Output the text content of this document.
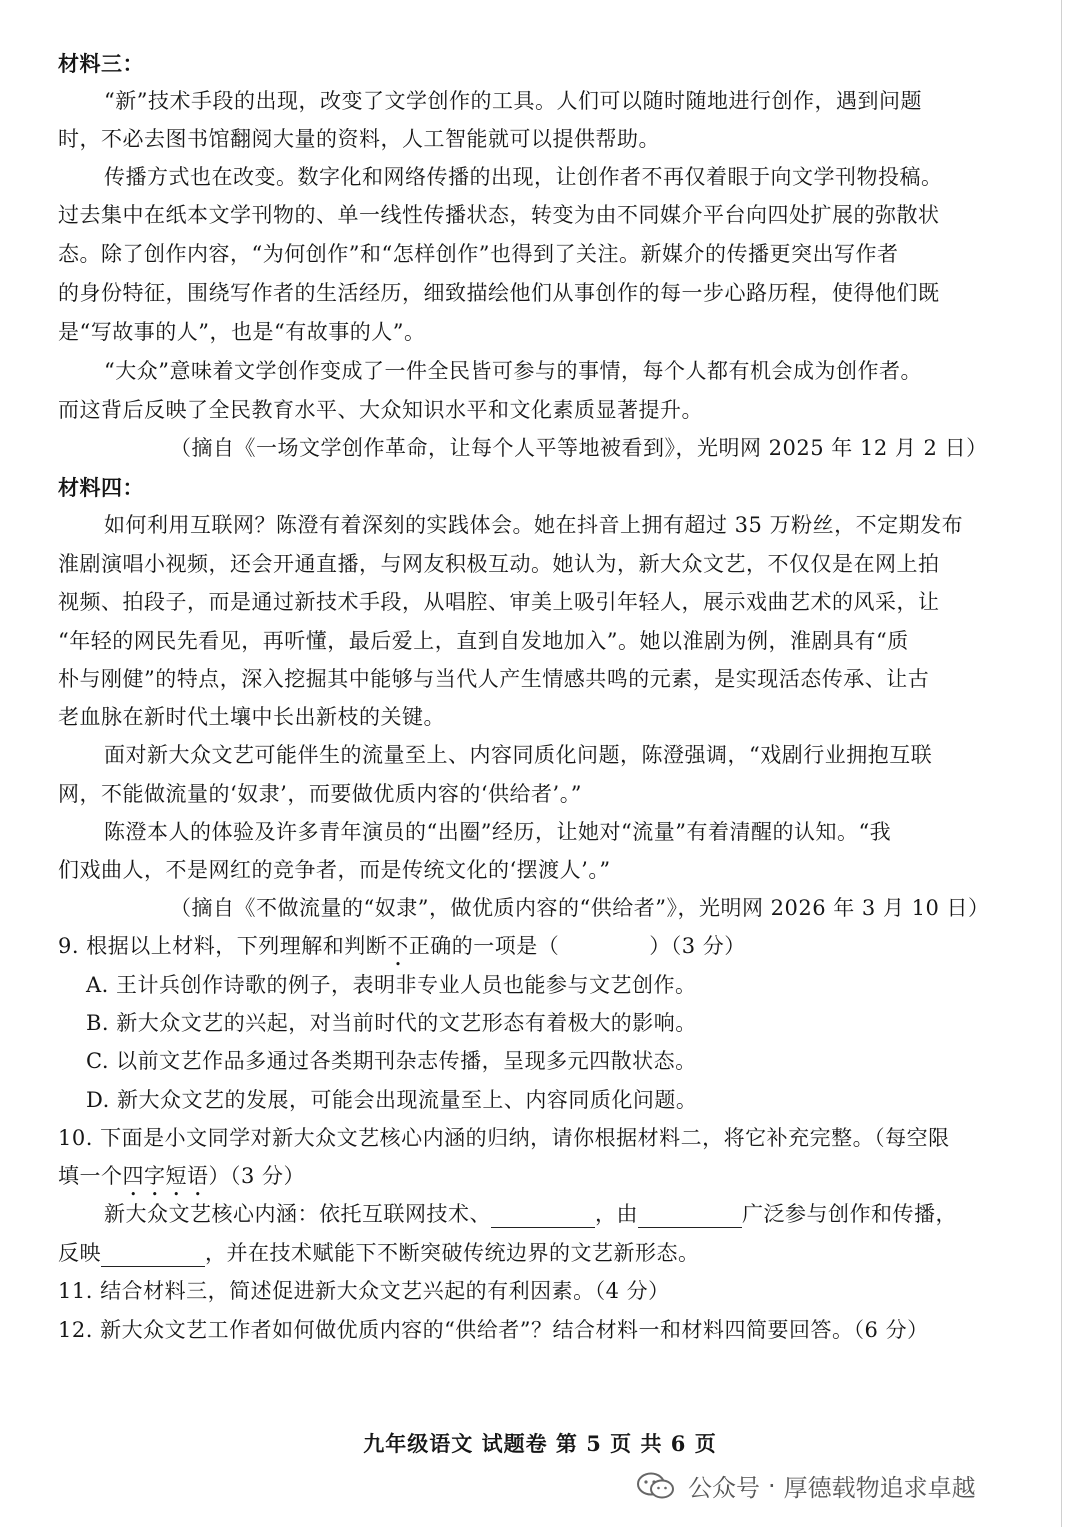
材料三：
“新”技术手段的出现，改变了文学创作的工具。人们可以随时随地进行创作，遇到问题
时，不必去图书馆翻阅大量的资料，人工智能就可以提供帮助。
传播方式也在改变。数字化和网络传播的出现，让创作者不再仅着眼于向文学刊物投稿。
过去集中在纸本文学刊物的、单一线性传播状态，转变为由不同媒介平台向四处扩展的弥散状
态。除了创作内容，“为何创作”和“怎样创作”也得到了关注。新媒介的传播更突出写作者
的身份特征，围绕写作者的生活经历，细致描绘他们从事创作的每一步心路历程，使得他们既
是“写故事的人”，也是“有故事的人”。
“大众”意味着文学创作变成了一件全民皆可参与的事情，每个人都有机会成为创作者。
而这背后反映了全民教育水平、大众知识水平和文化素质显著提升。
（摘自《一场文学创作革命，让每个人平等地被看到》，光明网 2025 年 12 月 2 日）
材料四：
如何利用互联网？陈澄有着深刻的实践体会。她在抖音上拥有超过 35 万粉丝，不定期发布
淮剧演唱小视频，还会开通直播，与网友积极互动。她认为，新大众文艺，不仅仅是在网上拍
视频、拍段子，而是通过新技术手段，从唱腔、审美上吸引年轻人，展示戏曲艺术的风采，让
“年轻的网民先看见，再听懂，最后爱上，直到自发地加入”。她以淮剧为例，淮剧具有“质
朴与刚健”的特点，深入挖掘其中能够与当代人产生情感共鸣的元素，是实现活态传承、让古
老血脉在新时代土壤中长出新枝的关键。
面对新大众文艺可能伴生的流量至上、内容同质化问题，陈澄强调，“戏剧行业拥抱互联
网，不能做流量的‘奴隶’，而要做优质内容的‘供给者’。”
陈澄本人的体验及许多青年演员的“出圈”经历，让她对“流量”有着清醒的认知。“我
们戏曲人，不是网红的竞争者，而是传统文化的‘摆渡人’。”
（摘自《不做流量的“奴隶”，做优质内容的“供给者”》，光明网 2026 年 3 月 10 日）
9. 根据以上材料，下列理解和判断不正确的一项是（	）（3 分）
A. 王计兵创作诗歌的例子，表明非专业人员也能参与文艺创作。
B. 新大众文艺的兴起，对当前时代的文艺形态有着极大的影响。
C. 以前文艺作品多通过各类期刊杂志传播，呈现多元四散状态。
D. 新大众文艺的发展，可能会出现流量至上、内容同质化问题。
10. 下面是小文同学对新大众文艺核心内涵的归纳，请你根据材料二，将它补充完整。（每空限
填一个四字短语）（3 分）
新大众文艺核心内涵：依托互联网技术、	，由	广泛参与创作和传播，
反映	，并在技术赋能下不断突破传统边界的文艺新形态。
11. 结合材料三，简述促进新大众文艺兴起的有利因素。（4 分）
12. 新大众文艺工作者如何做优质内容的“供给者”？结合材料一和材料四简要回答。（6 分）
九年级语文 试题卷 第 5 页 共 6 页
公众号 · 厚德载物追求卓越
